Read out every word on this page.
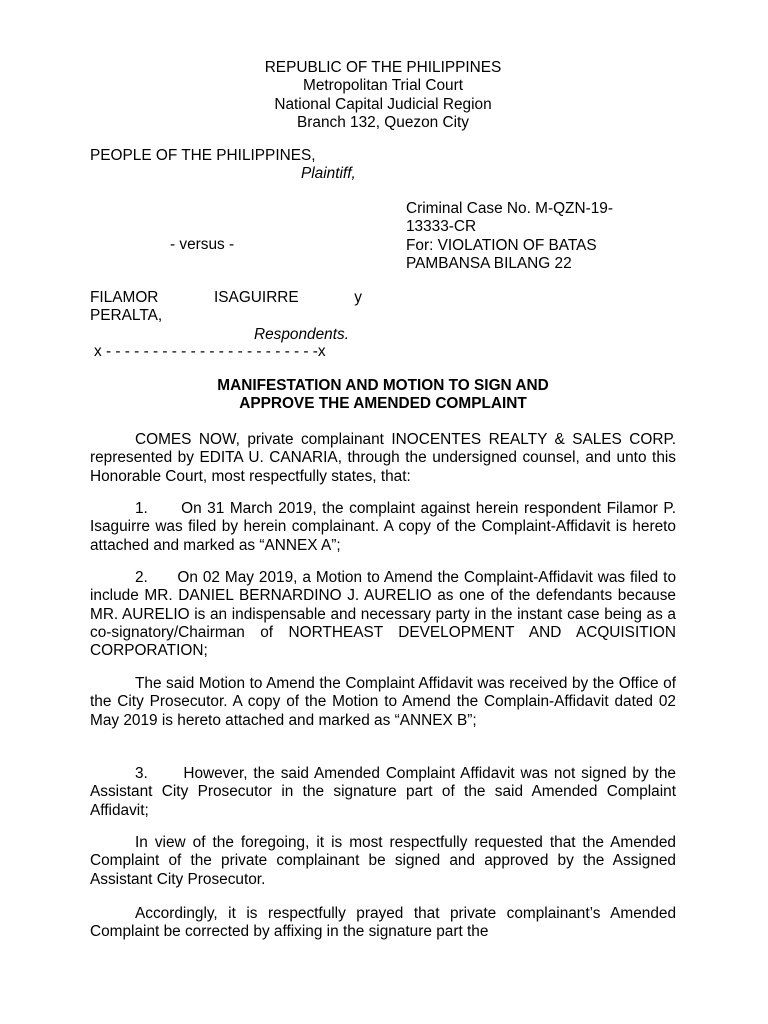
REPUBLIC OF THE PHILIPPINES
Metropolitan Trial Court
National Capital Judicial Region
Branch 132, Quezon City
PEOPLE OF THE PHILIPPINES,
Plaintiff,
Criminal Case No. M-QZN-19-
13333-CR
For: VIOLATION OF BATAS
PAMBANSA BILANG 22
- versus -
FILAMOR ISAGUIRRE y
PERALTA,
Respondents.
x - - - - - - - - - - - - - - - - - - - - - - -x
MANIFESTATION AND MOTION TO SIGN AND
APPROVE THE AMENDED COMPLAINT
COMES NOW, private complainant INOCENTES REALTY & SALES CORP. represented by EDITA U. CANARIA, through the undersigned counsel, and unto this Honorable Court, most respectfully states, that:
1.      On 31 March 2019, the complaint against herein respondent Filamor P. Isaguirre was filed by herein complainant. A copy of the Complaint-Affidavit is hereto attached and marked as “ANNEX A”;
2.      On 02 May 2019, a Motion to Amend the Complaint-Affidavit was filed to include MR. DANIEL BERNARDINO J. AURELIO as one of the defendants because MR. AURELIO is an indispensable and necessary party in the instant case being as a co-signatory/Chairman of NORTHEAST DEVELOPMENT AND ACQUISITION CORPORATION;
The said Motion to Amend the Complaint Affidavit was received by the Office of the City Prosecutor. A copy of the Motion to Amend the Complain-Affidavit dated 02 May 2019 is hereto attached and marked as “ANNEX B”;
3.      However, the said Amended Complaint Affidavit was not signed by the Assistant City Prosecutor in the signature part of the said Amended Complaint Affidavit;
In view of the foregoing, it is most respectfully requested that the Amended Complaint of the private complainant be signed and approved by the Assigned Assistant City Prosecutor.
Accordingly, it is respectfully prayed that private complainant’s Amended Complaint be corrected by affixing in the signature part the
